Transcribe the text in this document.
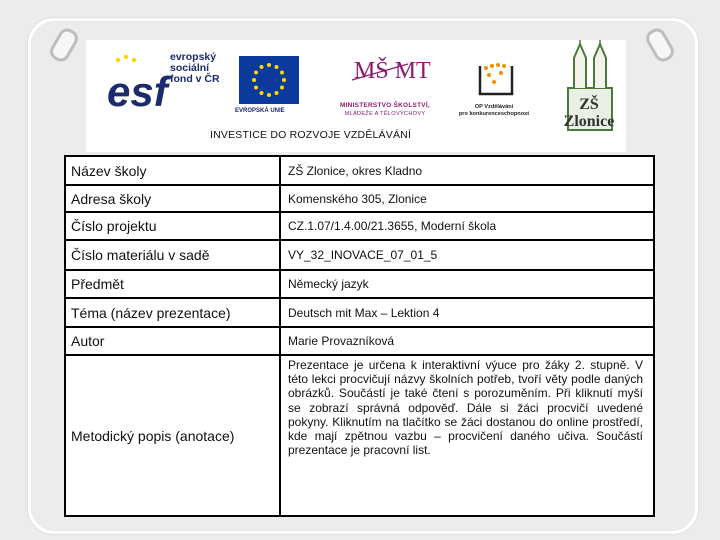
esf
evropský
sociální
fond v ČR
EVROPSKÁ UNIE
MŠ MT
MINISTERSTVO ŠKOLSTVÍ,
MLÁDEŽE A TĚLOVÝCHOVY
OP Vzdělávání
pro konkurenceschopnost
ZŠ Zlonice
INVESTICE DO ROZVOJE VZDĚLÁVÁNÍ
Název školy	ZŠ Zlonice, okres Kladno
Adresa školy	Komenského 305, Zlonice
Číslo projektu	CZ.1.07/1.4.00/21.3655, Moderní škola
Číslo materiálu v sadě	VY_32_INOVACE_07_01_5
Předmět	Německý jazyk
Téma (název prezentace)	Deutsch mit Max – Lektion 4
Autor	Marie Provazníková
Metodický popis (anotace)	Prezentace je určena k interaktivní výuce pro žáky 2. stupně. V této lekci procvičují názvy školních potřeb, tvoří věty podle daných obrázků. Součástí je také čtení s porozuměním. Při kliknutí myší se zobrazí správná odpověď. Dále si žáci procvičí uvedené pokyny. Kliknutím na tlačítko se žáci dostanou do online prostředí, kde mají zpětnou vazbu – procvičení daného učiva. Součástí prezentace je pracovní list.
